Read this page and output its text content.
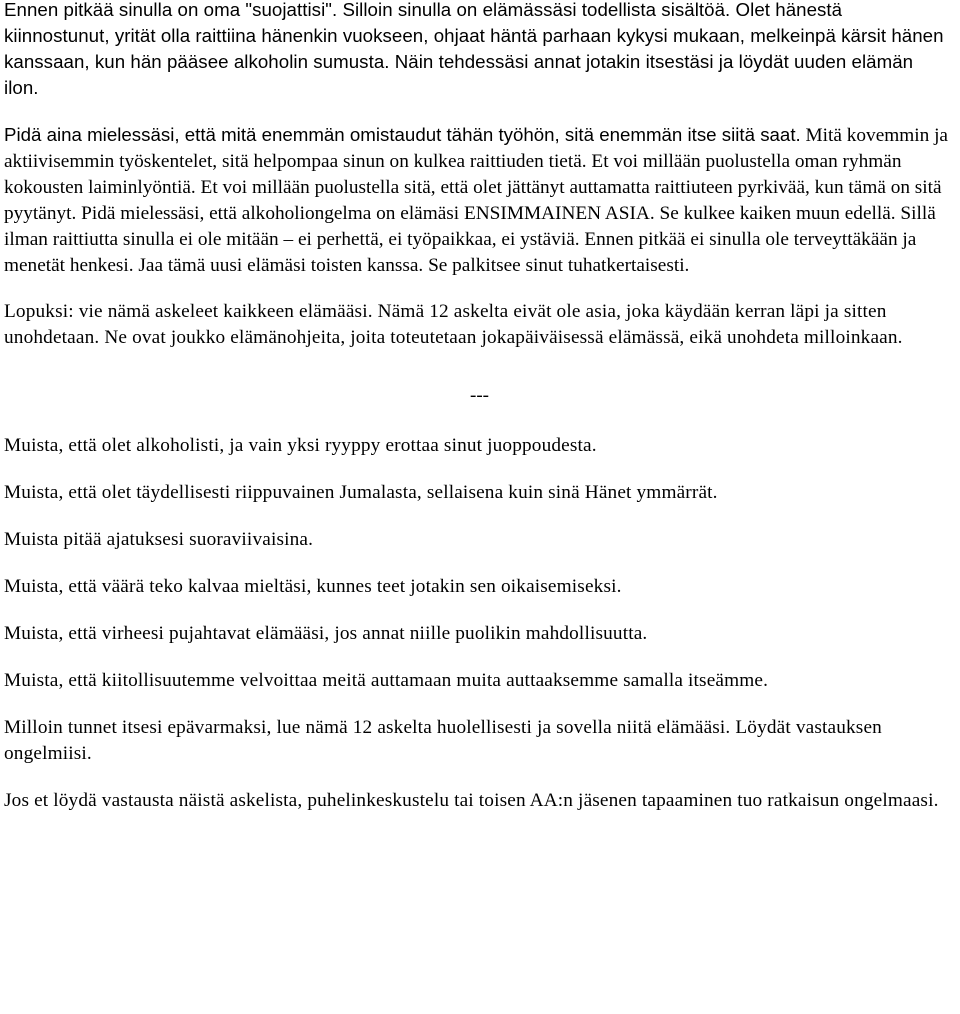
Ennen pitkää sinulla on oma "suojattisi". Silloin sinulla on elämässäsi todellista sisältöä. Olet hänestä kiinnostunut, yrität olla raittiina hänenkin vuokseen, ohjaat häntä parhaan kykysi mukaan, melkeinpä kärsit hänen kanssaan, kun hän pääsee alkoholin sumusta. Näin tehdessäsi annat jotakin itsestäsi ja löydät uuden elämän ilon.

Pidä aina mielessäsi, että mitä enemmän omistaudut tähän työhön, sitä enemmän itse siitä saat. Mitä kovemmin ja aktiivisemmin työskentelet, sitä helpompaa sinun on kulkea raittiuden tietä. Et voi millään puolustella oman ryhmän kokousten laiminlyöntiä. Et voi millään puolustella sitä, että olet jättänyt auttamatta raittiuteen pyrkivää, kun tämä on sitä pyytänyt. Pidä mielessäsi, että alkoholiongelma on elämäsi ENSIMMAINEN ASIA. Se kulkee kaiken muun edellä. Sillä ilman raittiutta sinulla ei ole mitään – ei perhettä, ei työpaikkaa, ei ystäviä. Ennen pitkää ei sinulla ole terveyttäkään ja menetät henkesi. Jaa tämä uusi elämäsi toisten kanssa. Se palkitsee sinut tuhatkertaisesti.

Lopuksi: vie nämä askeleet kaikkeen elämääsi. Nämä 12 askelta eivät ole asia, joka käydään kerran läpi ja sitten unohdetaan. Ne ovat joukko elämänohjeita, joita toteutetaan jokapäiväisessä elämässä, eikä unohdeta milloinkaan.

---

Muista, että olet alkoholisti, ja vain yksi ryyppy erottaa sinut juoppoudesta.

Muista, että olet täydellisesti riippuvainen Jumalasta, sellaisena kuin sinä Hänet ymmärrät.

Muista pitää ajatuksesi suoraviivaisina.

Muista, että väärä teko kalvaa mieltäsi, kunnes teet jotakin sen oikaisemiseksi.

Muista, että virheesi pujahtavat elämääsi, jos annat niille puolikin mahdollisuutta.

Muista, että kiitollisuutemme velvoittaa meitä auttamaan muita auttaaksemme samalla itseämme.

Milloin tunnet itsesi epävarmaksi, lue nämä 12 askelta huolellisesti ja sovella niitä elämääsi. Löydät vastauksen ongelmiisi.

Jos et löydä vastausta näistä askelista, puhelinkeskustelu tai toisen AA:n jäsenen tapaaminen tuo ratkaisun ongelmaasi.
